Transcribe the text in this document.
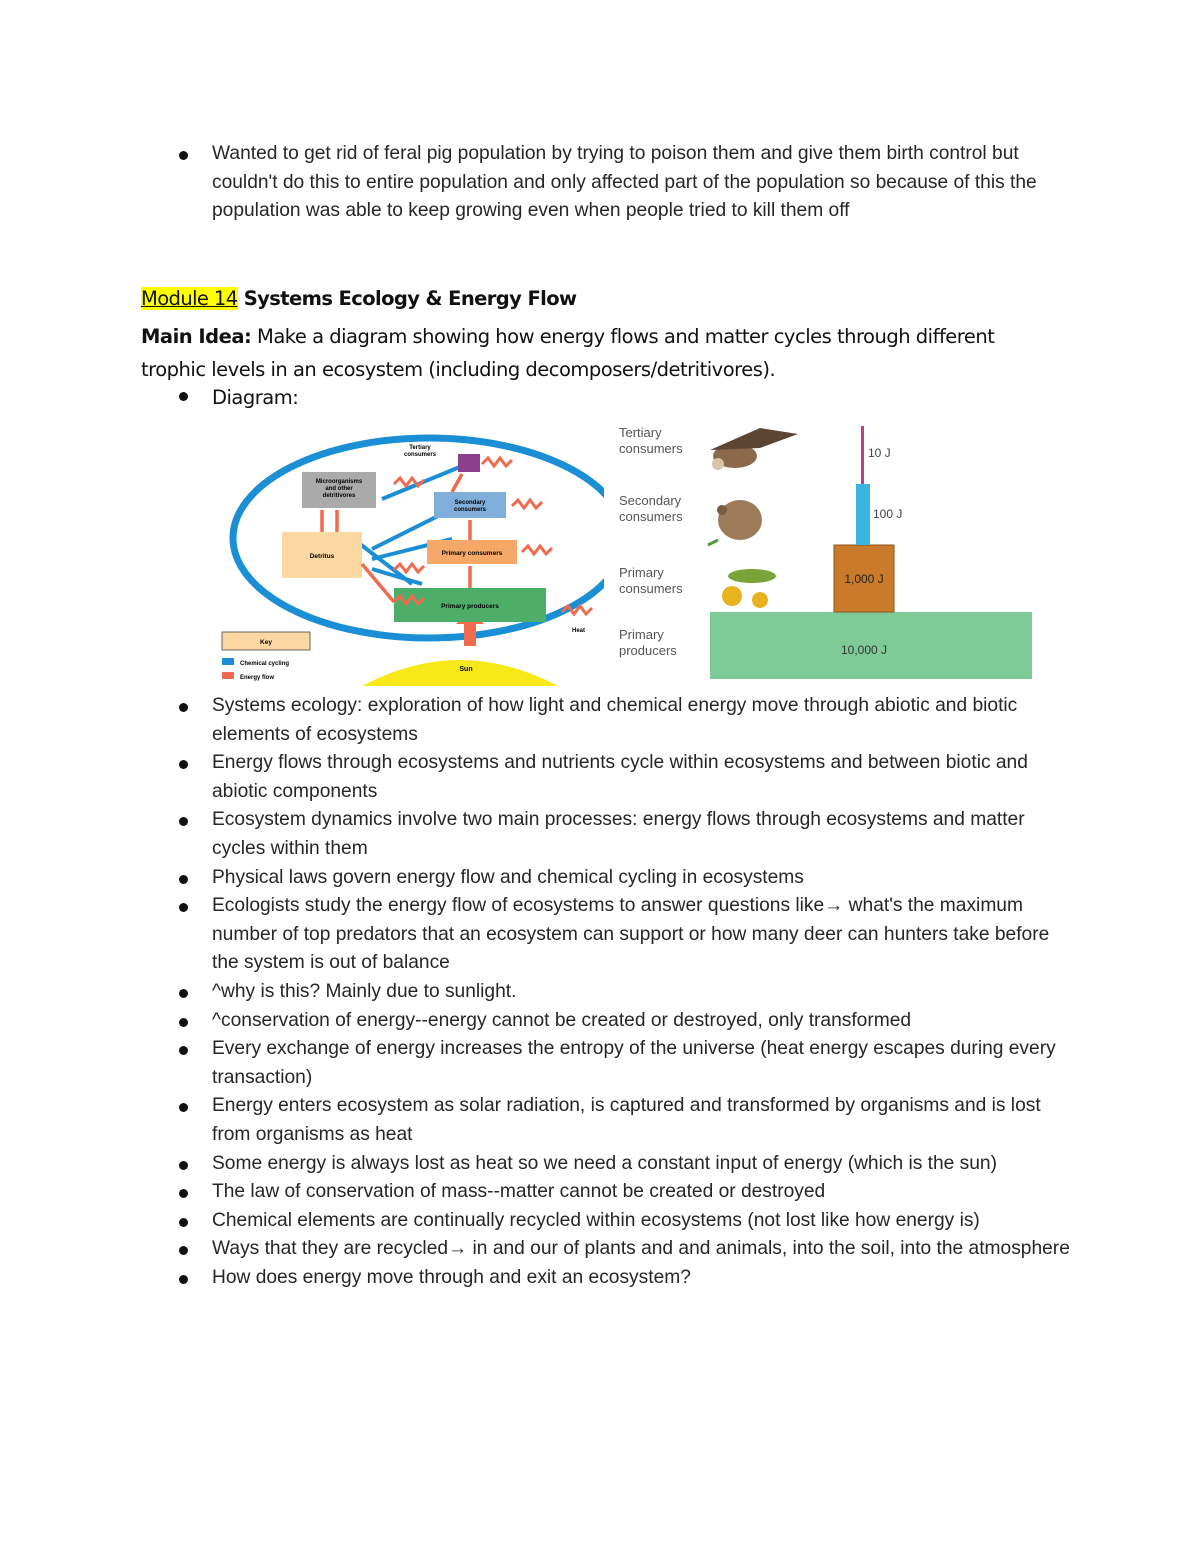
Wanted to get rid of feral pig population by trying to poison them and give them birth control but couldn't do this to entire population and only affected part of the population so because of this the population was able to keep growing even when people tried to kill them off
Module 14 Systems Ecology & Energy Flow
Main Idea: Make a diagram showing how energy flows and matter cycles through different trophic levels in an ecosystem (including decomposers/detritivores).
Diagram:
Sun
Microorganisms and other detritivores
Secondary consumers
Tertiary consumers
Detritus	Primary consumers
Primary producers
Heat
Key
Chemical cycling
Energy flow
Tertiary consumers
Secondary consumers
Primary consumers
Primary producers
10 J
100 J
1,000 J
10,000 J
Systems ecology: exploration of how light and chemical energy move through abiotic and biotic elements of ecosystems
Energy flows through ecosystems and nutrients cycle within ecosystems and between biotic and abiotic components
Ecosystem dynamics involve two main processes: energy flows through ecosystems and matter cycles within them
Physical laws govern energy flow and chemical cycling in ecosystems
Ecologists study the energy flow of ecosystems to answer questions like→ what's the maximum number of top predators that an ecosystem can support or how many deer can hunters take before the system is out of balance
^why is this? Mainly due to sunlight.
^conservation of energy--energy cannot be created or destroyed, only transformed
Every exchange of energy increases the entropy of the universe (heat energy escapes during every transaction)
Energy enters ecosystem as solar radiation, is captured and transformed by organisms and is lost from organisms as heat
Some energy is always lost as heat so we need a constant input of energy (which is the sun)
The law of conservation of mass--matter cannot be created or destroyed
Chemical elements are continually recycled within ecosystems (not lost like how energy is)
Ways that they are recycled→ in and our of plants and and animals, into the soil, into the atmosphere
How does energy move through and exit an ecosystem?
